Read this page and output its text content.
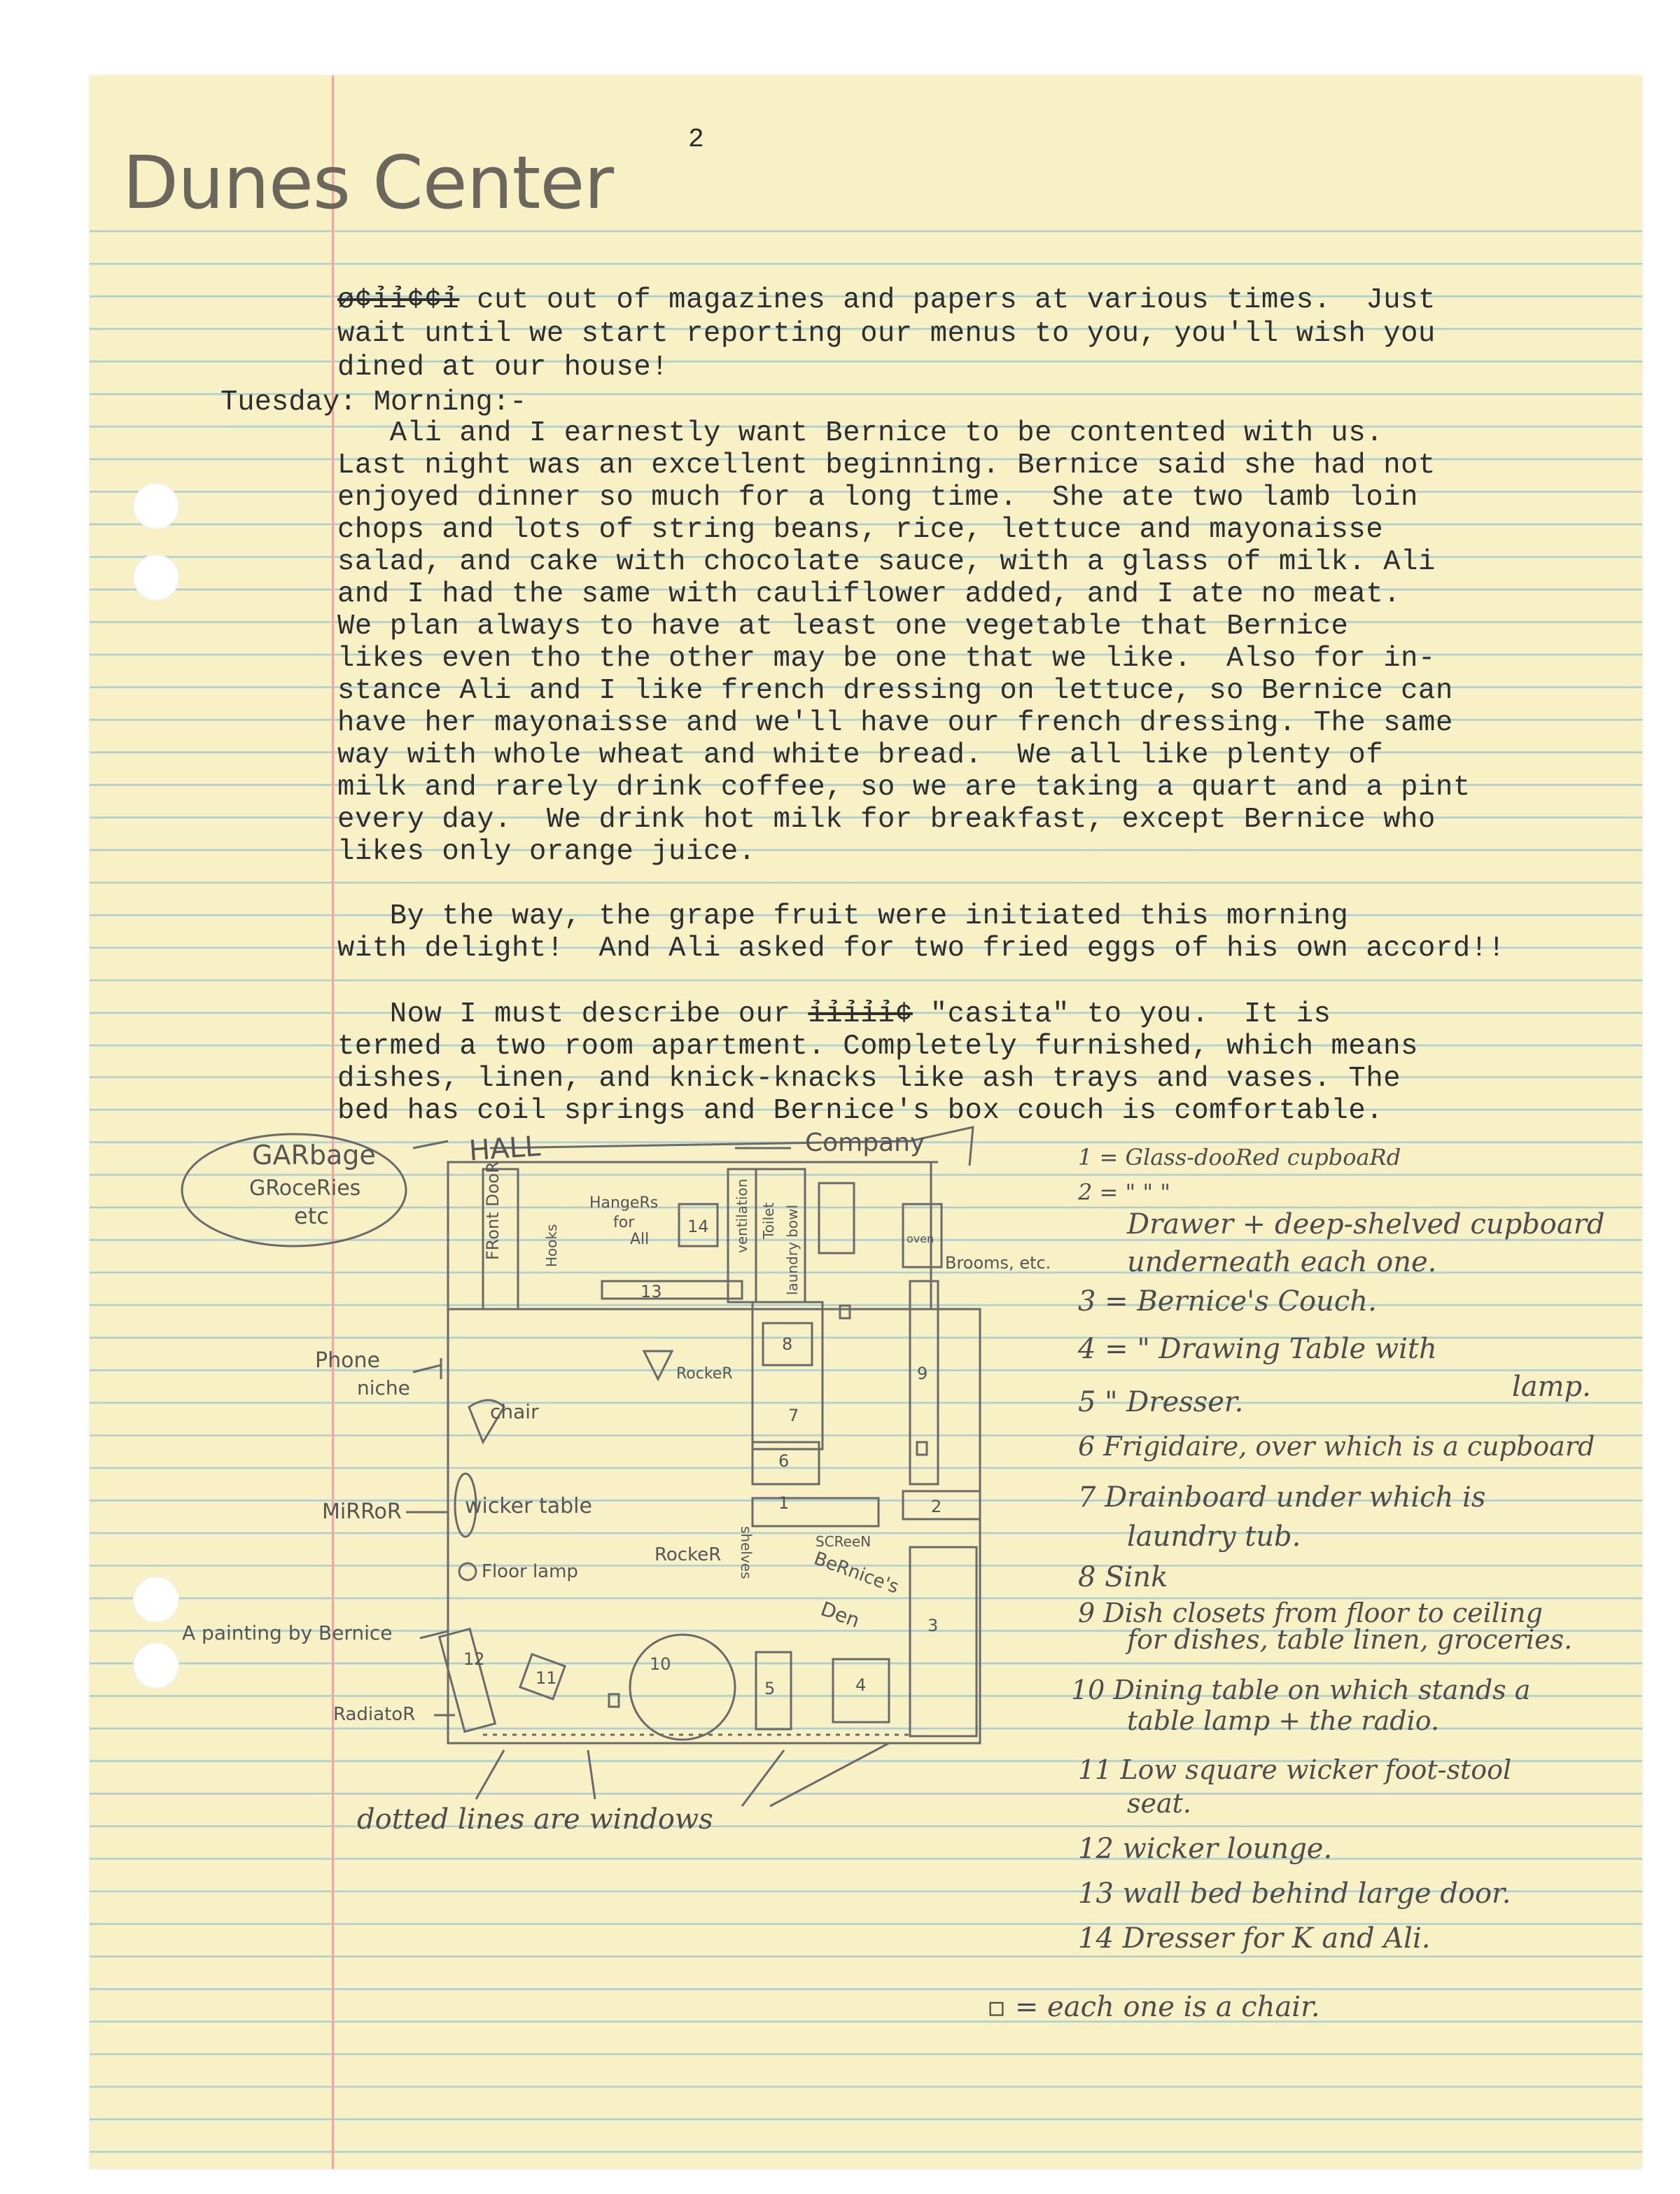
Dunes Center
2
ø¢ỉỉ¢¢ỉ cut out of magazines and papers at various times.  Just
wait until we start reporting our menus to you, you'll wish you
dined at our house!
Tuesday: Morning:-
Ali and I earnestly want Bernice to be contented with us.
Last night was an excellent beginning. Bernice said she had not
enjoyed dinner so much for a long time.  She ate two lamb loin
chops and lots of string beans, rice, lettuce and mayonaisse
salad, and cake with chocolate sauce, with a glass of milk. Ali
and I had the same with cauliflower added, and I ate no meat.
We plan always to have at least one vegetable that Bernice
likes even tho the other may be one that we like.  Also for in-
stance Ali and I like french dressing on lettuce, so Bernice can
have her mayonaisse and we'll have our french dressing. The same
way with whole wheat and white bread.  We all like plenty of
milk and rarely drink coffee, so we are taking a quart and a pint
every day.  We drink hot milk for breakfast, except Bernice who
likes only orange juice.
By the way, the grape fruit were initiated this morning
with delight!  And Ali asked for two fried eggs of his own accord!!
Now I must describe our ỉỉỉỉỉ¢ "casita" to you.  It is
termed a two room apartment. Completely furnished, which means
dishes, linen, and knick-knacks like ash trays and vases. The
bed has coil springs and Bernice's box couch is comfortable.
1	2
3
4
5
6
7
8
9
10
11
12
13
14
GARbage
GRoceRies
etc
HALL	Company
FRont DooR	Hooks
HangeRs
for
All	ventilation Toilet laundry bowl	oven
Brooms, etc.
Phone
niche
chair
RockeR
MiRRoR	wicker table
Floor lamp
RockeR shelves	SCReeN
BeRnice's
Den
A painting by Bernice
RadiatoR
dotted lines are windows
1 = Glass-dooRed cupboaRd
2 = " " "
Drawer + deep-shelved cupboard
underneath each one.
3 = Bernice's Couch.
4 = " Drawing Table with
lamp.
5 " Dresser.
6 Frigidaire, over which is a cupboard
7 Drainboard under which is
laundry tub.
8 Sink
9 Dish closets from floor to ceiling
for dishes, table linen, groceries.
10 Dining table on which stands a
table lamp + the radio.
11 Low square wicker foot-stool
seat.
12 wicker lounge.
13 wall bed behind large door.
14 Dresser for K and Ali.
▫ = each one is a chair.
